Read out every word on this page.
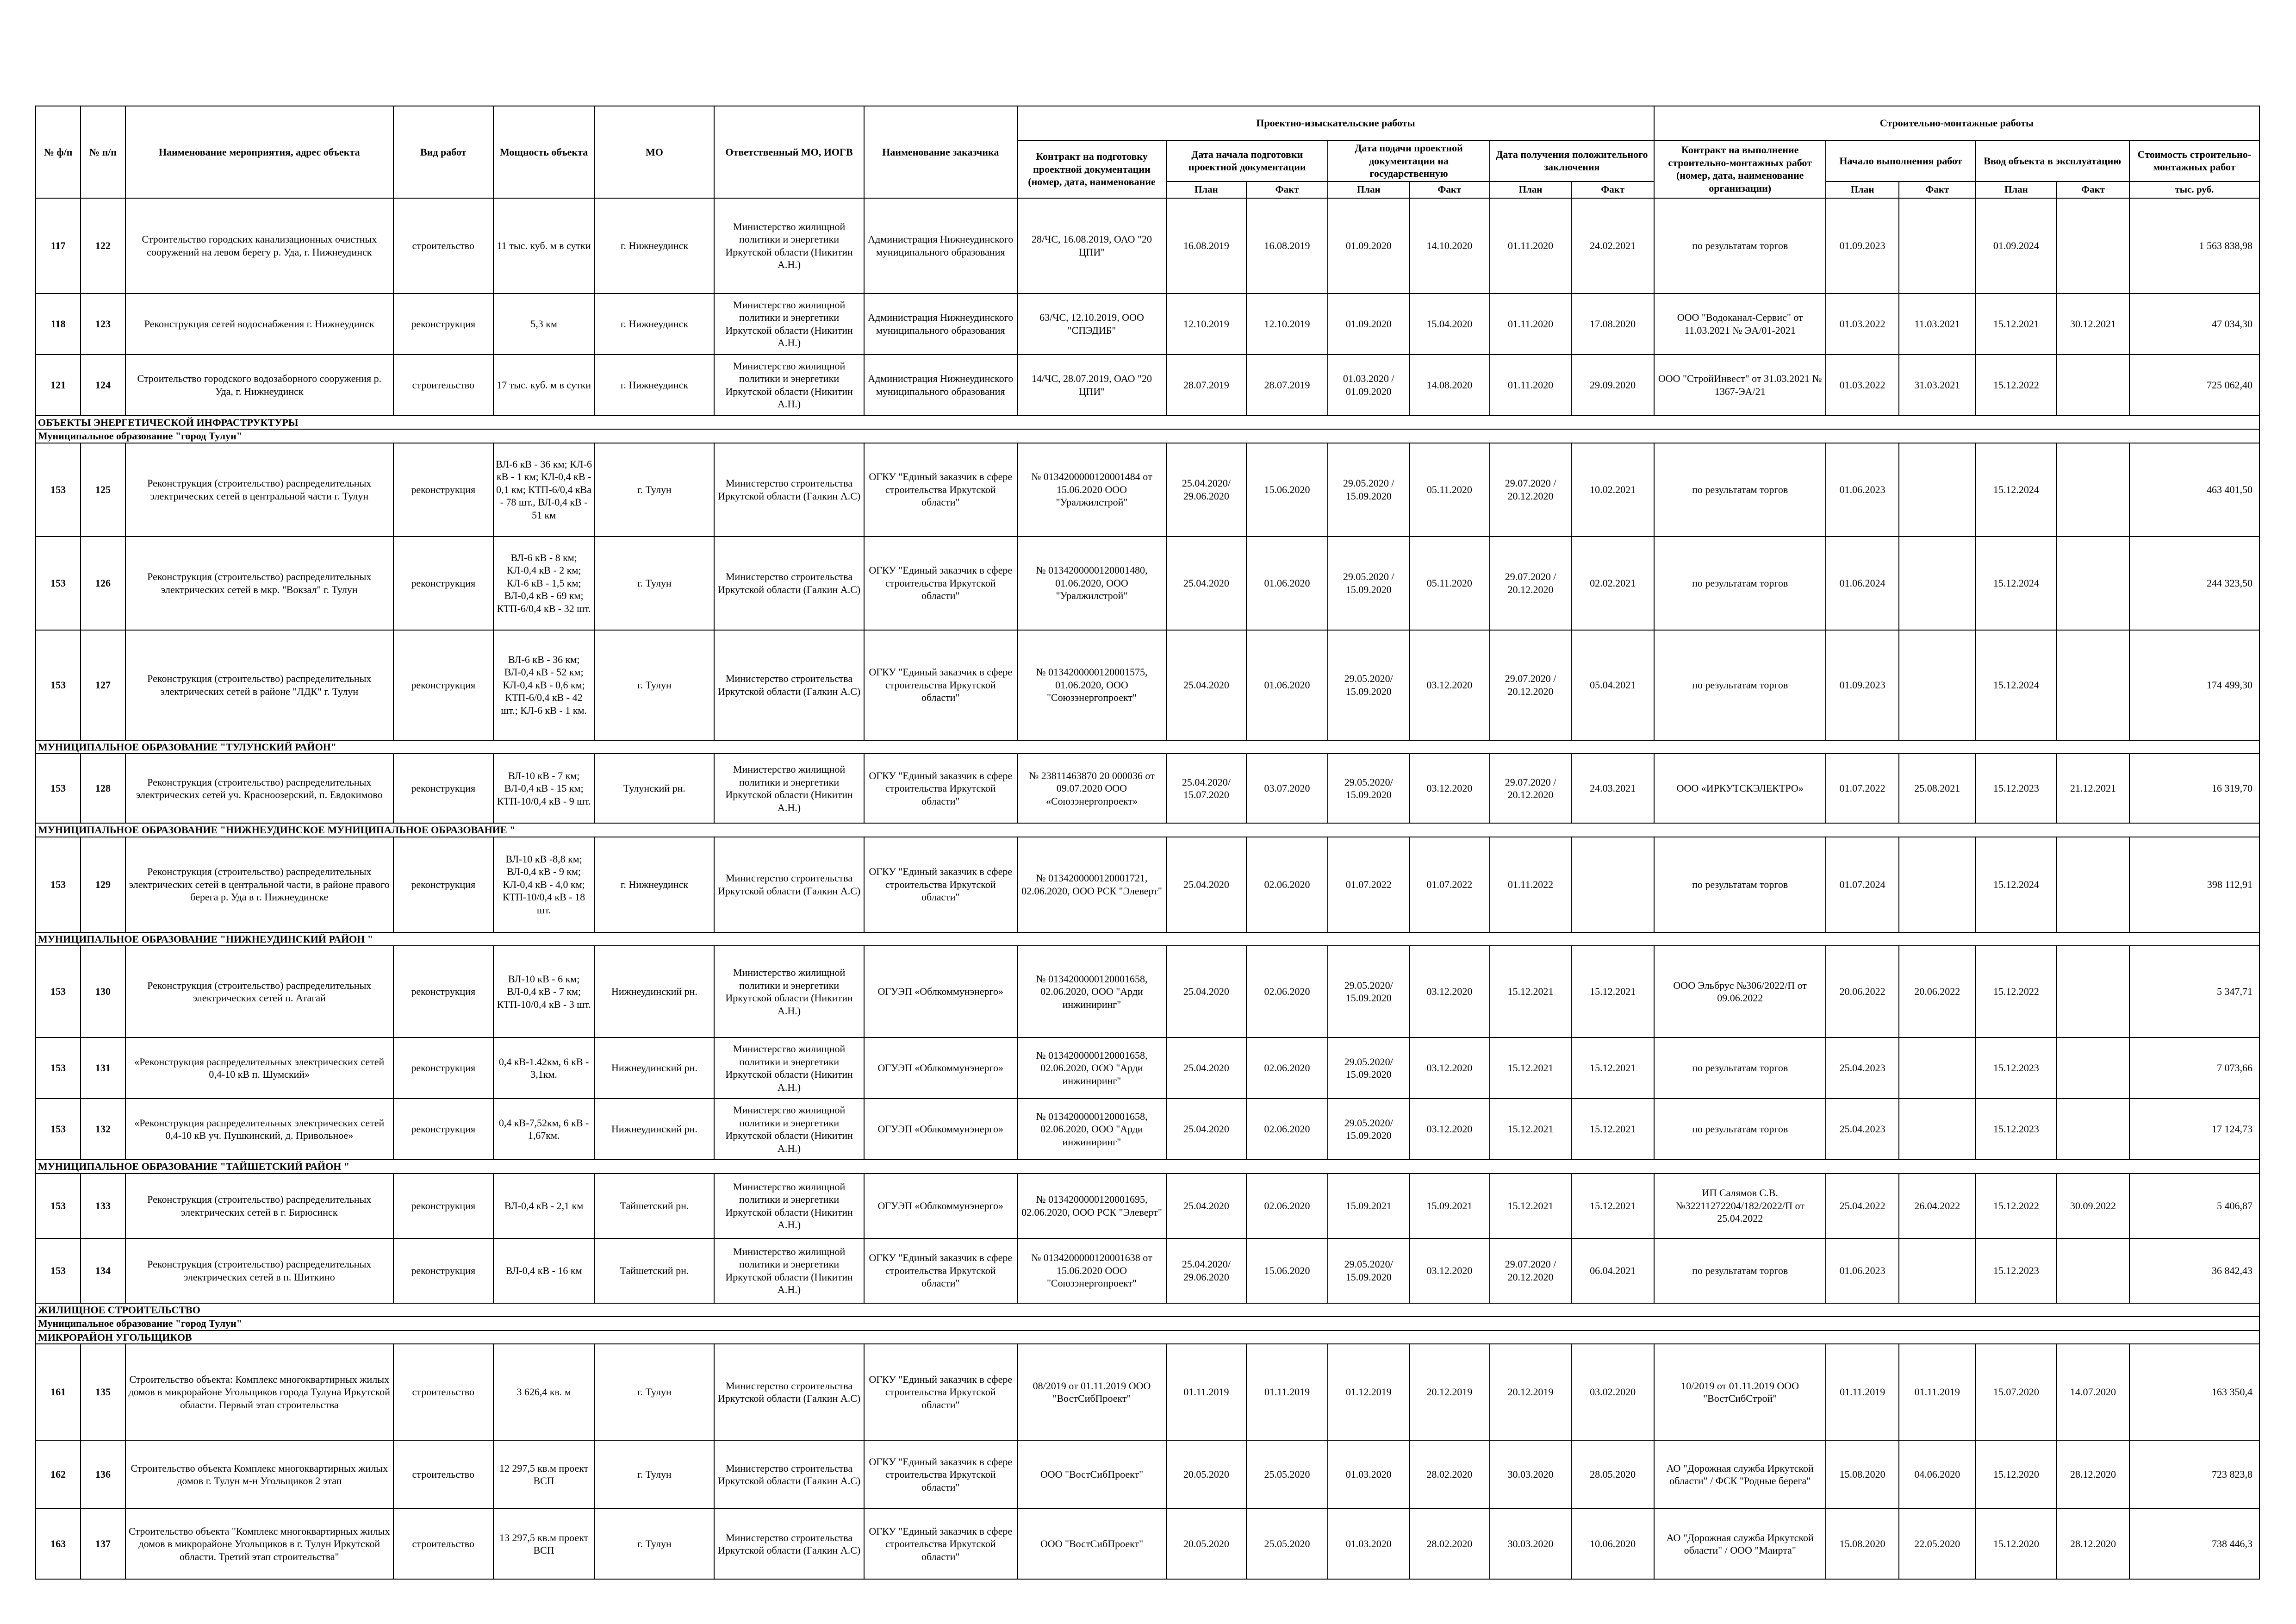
№ ф/п	№ п/п	Наименование мероприятия, адрес объекта	Вид работ	Мощность объекта	МО	Ответственный МО, ИОГВ	Наименование заказчика	Проектно-изыскательские работы							Строительно-монтажные работы					
								Контракт на подготовку проектной документации (номер, дата, наименование	Дата начала подготовки проектной документации		Дата подачи проектной документации на государственную		Дата получения положительного заключения		Контракт на выполнение строительно-монтажных работ (номер, дата, наименование организации)	Начало выполнения работ		Ввод объекта в эксплуатацию		Стоимость строительно-монтажных работ
									План	Факт	План	Факт	План	Факт		План	Факт	План	Факт	тыс. руб.
117	122	Строительство городских канализационных очистных сооружений на левом берегу р. Уда, г. Нижнеудинск	строительство	11 тыс. куб. м в сутки	г. Нижнеудинск	Министерство жилищной политики и энергетики Иркутской области (Никитин А.Н.)	Администрация Нижнеудинского муниципального образования	28/ЧС, 16.08.2019, ОАО "20 ЦПИ"	16.08.2019	16.08.2019	01.09.2020	14.10.2020	01.11.2020	24.02.2021	по результатам торгов	01.09.2023		01.09.2024		1 563 838,98
118	123	Реконструкция сетей водоснабжения г. Нижнеудинск	реконструкция	5,3 км	г. Нижнеудинск	Министерство жилищной политики и энергетики Иркутской области (Никитин А.Н.)	Администрация Нижнеудинского муниципального образования	63/ЧС, 12.10.2019, ООО "СПЭДИБ"	12.10.2019	12.10.2019	01.09.2020	15.04.2020	01.11.2020	17.08.2020	ООО "Водоканал-Сервис" от 11.03.2021 № ЭА/01-2021	01.03.2022	11.03.2021	15.12.2021	30.12.2021	47 034,30
121	124	Строительство городского водозаборного сооружения р. Уда, г. Нижнеудинск	строительство	17 тыс. куб. м в сутки	г. Нижнеудинск	Министерство жилищной политики и энергетики Иркутской области (Никитин А.Н.)	Администрация Нижнеудинского муниципального образования	14/ЧС, 28.07.2019, ОАО "20 ЦПИ"	28.07.2019	28.07.2019	01.03.2020 / 01.09.2020	14.08.2020	01.11.2020	29.09.2020	ООО "СтройИнвест" от 31.03.2021 № 1367-ЭА/21	01.03.2022	31.03.2021	15.12.2022		725 062,40
ОБЪЕКТЫ ЭНЕРГЕТИЧЕСКОЙ ИНФРАСТРУКТУРЫ																				
Муниципальное образование "город Тулун"																				
153	125	Реконструкция (строительство) распределительных электрических сетей в центральной части г. Тулун	реконструкция	ВЛ-6 кВ - 36 км; КЛ-6 кВ - 1 км; КЛ-0,4 кВ - 0,1 км; КТП-6/0,4 кВа - 78 шт., ВЛ-0,4 кВ - 51 км	г. Тулун	Министерство строительства Иркутской области (Галкин А.С)	ОГКУ "Единый заказчик в сфере строительства Иркутской области"	№ 0134200000120001484 от 15.06.2020 ООО "Уралжилстрой"	25.04.2020/ 29.06.2020	15.06.2020	29.05.2020 / 15.09.2020	05.11.2020	29.07.2020 / 20.12.2020	10.02.2021	по результатам торгов	01.06.2023		15.12.2024		463 401,50
153	126	Реконструкция (строительство) распределительных электрических сетей в мкр. "Вокзал" г. Тулун	реконструкция	ВЛ-6 кВ - 8 км; КЛ-0,4 кВ - 2 км; КЛ-6 кВ - 1,5 км; ВЛ-0,4 кВ - 69 км; КТП-6/0,4 кВ - 32 шт.	г. Тулун	Министерство строительства Иркутской области (Галкин А.С)	ОГКУ "Единый заказчик в сфере строительства Иркутской области"	№ 0134200000120001480, 01.06.2020, ООО "Уралжилстрой"	25.04.2020	01.06.2020	29.05.2020 / 15.09.2020	05.11.2020	29.07.2020 / 20.12.2020	02.02.2021	по результатам торгов	01.06.2024		15.12.2024		244 323,50
153	127	Реконструкция (строительство) распределительных электрических сетей в районе "ЛДК" г. Тулун	реконструкция	ВЛ-6 кВ - 36 км; ВЛ-0,4 кВ - 52 км; КЛ-0,4 кВ - 0,6 км; КТП-6/0,4 кВ - 42 шт.; КЛ-6 кВ - 1 км.	г. Тулун	Министерство строительства Иркутской области (Галкин А.С)	ОГКУ "Единый заказчик в сфере строительства Иркутской области"	№ 0134200000120001575, 01.06.2020, ООО "Союзэнергопроект"	25.04.2020	01.06.2020	29.05.2020/ 15.09.2020	03.12.2020	29.07.2020 / 20.12.2020	05.04.2021	по результатам торгов	01.09.2023		15.12.2024		174 499,30
МУНИЦИПАЛЬНОЕ ОБРАЗОВАНИЕ "ТУЛУНСКИЙ РАЙОН"																				
153	128	Реконструкция (строительство) распределительных электрических сетей уч. Красноозерский, п. Евдокимово	реконструкция	ВЛ-10 кВ - 7 км; ВЛ-0,4 кВ - 15 км; КТП-10/0,4 кВ - 9 шт.	Тулунский рн.	Министерство жилищной политики и энергетики Иркутской области (Никитин А.Н.)	ОГКУ "Единый заказчик в сфере строительства Иркутской области"	№ 23811463870 20 000036 от 09.07.2020 ООО «Союзэнергопроект»	25.04.2020/ 15.07.2020	03.07.2020	29.05.2020/ 15.09.2020	03.12.2020	29.07.2020 / 20.12.2020	24.03.2021	ООО «ИРКУТСКЭЛЕКТРО»	01.07.2022	25.08.2021	15.12.2023	21.12.2021	16 319,70
МУНИЦИПАЛЬНОЕ ОБРАЗОВАНИЕ "НИЖНЕУДИНСКОЕ МУНИЦИПАЛЬНОЕ ОБРАЗОВАНИЕ "																				
153	129	Реконструкция (строительство) распределительных электрических сетей в центральной части, в районе правого берега р. Уда в г. Нижнеудинске	реконструкция	ВЛ-10 кВ -8,8 км; ВЛ-0,4 кВ - 9 км; КЛ-0,4 кВ - 4,0 км; КТП-10/0,4 кВ - 18 шт.	г. Нижнеудинск	Министерство строительства Иркутской области (Галкин А.С)	ОГКУ "Единый заказчик в сфере строительства Иркутской области"	№ 0134200000120001721, 02.06.2020, ООО РСК "Элеверт"	25.04.2020	02.06.2020	01.07.2022	01.07.2022	01.11.2022		по результатам торгов	01.07.2024		15.12.2024		398 112,91
МУНИЦИПАЛЬНОЕ ОБРАЗОВАНИЕ "НИЖНЕУДИНСКИЙ РАЙОН "																				
153	130	Реконструкция (строительство) распределительных электрических сетей п. Атагай	реконструкция	ВЛ-10 кВ - 6 км; ВЛ-0,4 кВ - 7 км; КТП-10/0,4 кВ - 3 шт.	Нижнеудинский рн.	Министерство жилищной политики и энергетики Иркутской области (Никитин А.Н.)	ОГУЭП «Облкоммунэнерго»	№ 0134200000120001658, 02.06.2020, ООО "Арди инжиниринг"	25.04.2020	02.06.2020	29.05.2020/ 15.09.2020	03.12.2020	15.12.2021	15.12.2021	ООО Эльбрус №306/2022/П от 09.06.2022	20.06.2022	20.06.2022	15.12.2022		5 347,71
153	131	«Реконструкция распределительных электрических сетей 0,4-10 кВ п. Шумский»	реконструкция	0,4 кВ-1.42км, 6 кВ - 3,1км.	Нижнеудинский рн.	Министерство жилищной политики и энергетики Иркутской области (Никитин А.Н.)	ОГУЭП «Облкоммунэнерго»	№ 0134200000120001658, 02.06.2020, ООО "Арди инжиниринг"	25.04.2020	02.06.2020	29.05.2020/ 15.09.2020	03.12.2020	15.12.2021	15.12.2021	по результатам торгов	25.04.2023		15.12.2023		7 073,66
153	132	«Реконструкция распределительных электрических сетей 0,4-10 кВ уч. Пушкинский, д. Привольное»	реконструкция	0,4 кВ-7,52км, 6 кВ - 1,67км.	Нижнеудинский рн.	Министерство жилищной политики и энергетики Иркутской области (Никитин А.Н.)	ОГУЭП «Облкоммунэнерго»	№ 0134200000120001658, 02.06.2020, ООО "Арди инжиниринг"	25.04.2020	02.06.2020	29.05.2020/ 15.09.2020	03.12.2020	15.12.2021	15.12.2021	по результатам торгов	25.04.2023		15.12.2023		17 124,73
МУНИЦИПАЛЬНОЕ ОБРАЗОВАНИЕ "ТАЙШЕТСКИЙ РАЙОН "																				
153	133	Реконструкция (строительство) распределительных электрических сетей в г. Бирюсинск	реконструкция	ВЛ-0,4 кВ - 2,1 км	Тайшетский рн.	Министерство жилищной политики и энергетики Иркутской области (Никитин А.Н.)	ОГУЭП «Облкоммунэнерго»	№ 0134200000120001695, 02.06.2020, ООО РСК "Элеверт"	25.04.2020	02.06.2020	15.09.2021	15.09.2021	15.12.2021	15.12.2021	ИП Салямов С.В. №32211272204/182/2022/П от 25.04.2022	25.04.2022	26.04.2022	15.12.2022	30.09.2022	5 406,87
153	134	Реконструкция (строительство) распределительных электрических сетей в п. Шиткино	реконструкция	ВЛ-0,4 кВ - 16 км	Тайшетский рн.	Министерство жилищной политики и энергетики Иркутской области (Никитин А.Н.)	ОГКУ "Единый заказчик в сфере строительства Иркутской области"	№ 0134200000120001638 от 15.06.2020 ООО "Союзэнергопроект"	25.04.2020/ 29.06.2020	15.06.2020	29.05.2020/ 15.09.2020	03.12.2020	29.07.2020 / 20.12.2020	06.04.2021	по результатам торгов	01.06.2023		15.12.2023		36 842,43
ЖИЛИЩНОЕ СТРОИТЕЛЬСТВО																				
Муниципальное образование "город Тулун"																				
МИКРОРАЙОН УГОЛЬЩИКОВ																				
161	135	Строительство объекта: Комплекс многоквартирных жилых домов в микрорайоне Угольщиков города Тулуна Иркутской области. Первый этап строительства	строительство	3 626,4 кв. м	г. Тулун	Министерство строительства Иркутской области (Галкин А.С)	ОГКУ "Единый заказчик в сфере строительства Иркутской области"	08/2019 от 01.11.2019 ООО "ВостСибПроект"	01.11.2019	01.11.2019	01.12.2019	20.12.2019	20.12.2019	03.02.2020	10/2019 от 01.11.2019 ООО "ВостСибСтрой"	01.11.2019	01.11.2019	15.07.2020	14.07.2020	163 350,4
162	136	Строительство объекта Комплекс многоквартирных жилых домов г. Тулун м-н Угольщиков 2 этап	строительство	12 297,5 кв.м проект ВСП	г. Тулун	Министерство строительства Иркутской области (Галкин А.С)	ОГКУ "Единый заказчик в сфере строительства Иркутской области"	ООО "ВостСибПроект"	20.05.2020	25.05.2020	01.03.2020	28.02.2020	30.03.2020	28.05.2020	АО "Дорожная служба Иркутской области" / ФСК "Родные берега"	15.08.2020	04.06.2020	15.12.2020	28.12.2020	723 823,8
163	137	Строительство объекта "Комплекс многоквартирных жилых домов в микрорайоне Угольщиков в г. Тулун Иркутской области. Третий этап строительства"	строительство	13 297,5 кв.м проект ВСП	г. Тулун	Министерство строительства Иркутской области (Галкин А.С)	ОГКУ "Единый заказчик в сфере строительства Иркутской области"	ООО "ВостСибПроект"	20.05.2020	25.05.2020	01.03.2020	28.02.2020	30.03.2020	10.06.2020	АО "Дорожная служба Иркутской области" / ООО "Маирта"	15.08.2020	22.05.2020	15.12.2020	28.12.2020	738 446,3
